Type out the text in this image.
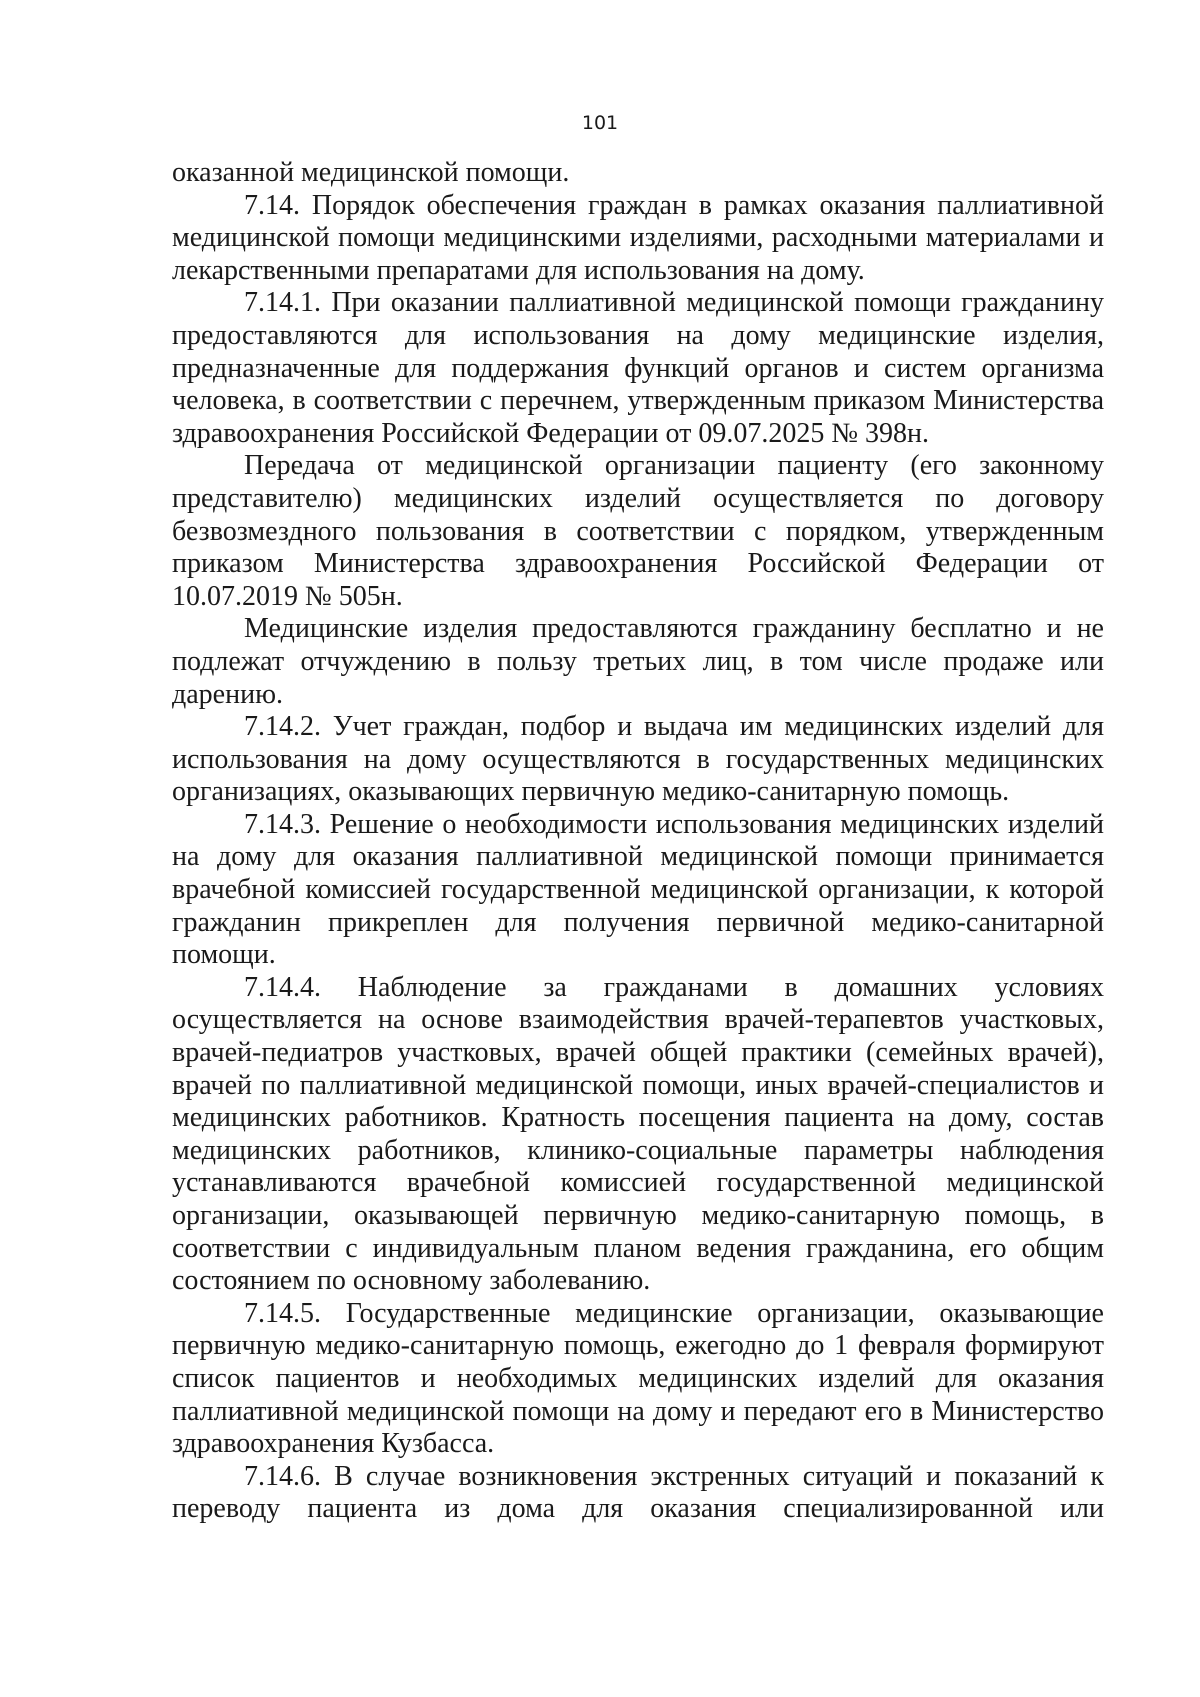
101

оказанной медицинской помощи.

7.14. Порядок обеспечения граждан в рамках оказания паллиативной медицинской помощи медицинскими изделиями, расходными материалами и лекарственными препаратами для использования на дому.

7.14.1. При оказании паллиативной медицинской помощи гражданину предоставляются для использования на дому медицинские изделия, предназначенные для поддержания функций органов и систем организма человека, в соответствии с перечнем, утвержденным приказом Министерства здравоохранения Российской Федерации от 09.07.2025 № 398н.

Передача от медицинской организации пациенту (его законному представителю) медицинских изделий осуществляется по договору безвозмездного пользования в соответствии с порядком, утвержденным приказом Министерства здравоохранения Российской Федерации от 10.07.2019 № 505н.

Медицинские изделия предоставляются гражданину бесплатно и не подлежат отчуждению в пользу третьих лиц, в том числе продаже или дарению.

7.14.2. Учет граждан, подбор и выдача им медицинских изделий для использования на дому осуществляются в государственных медицинских организациях, оказывающих первичную медико-санитарную помощь.

7.14.3. Решение о необходимости использования медицинских изделий на дому для оказания паллиативной медицинской помощи принимается врачебной комиссией государственной медицинской организации, к которой гражданин прикреплен для получения первичной медико-санитарной помощи.

7.14.4. Наблюдение за гражданами в домашних условиях осуществляется на основе взаимодействия врачей-терапевтов участковых, врачей-педиатров участковых, врачей общей практики (семейных врачей), врачей по паллиативной медицинской помощи, иных врачей-специалистов и медицинских работников. Кратность посещения пациента на дому, состав медицинских работников, клинико-социальные параметры наблюдения устанавливаются врачебной комиссией государственной медицинской организации, оказывающей первичную медико-санитарную помощь, в соответствии с индивидуальным планом ведения гражданина, его общим состоянием по основному заболеванию.

7.14.5. Государственные медицинские организации, оказывающие первичную медико-санитарную помощь, ежегодно до 1 февраля формируют список пациентов и необходимых медицинских изделий для оказания паллиативной медицинской помощи на дому и передают его в Министерство здравоохранения Кузбасса.

7.14.6. В случае возникновения экстренных ситуаций и показаний к переводу пациента из дома для оказания специализированной или
